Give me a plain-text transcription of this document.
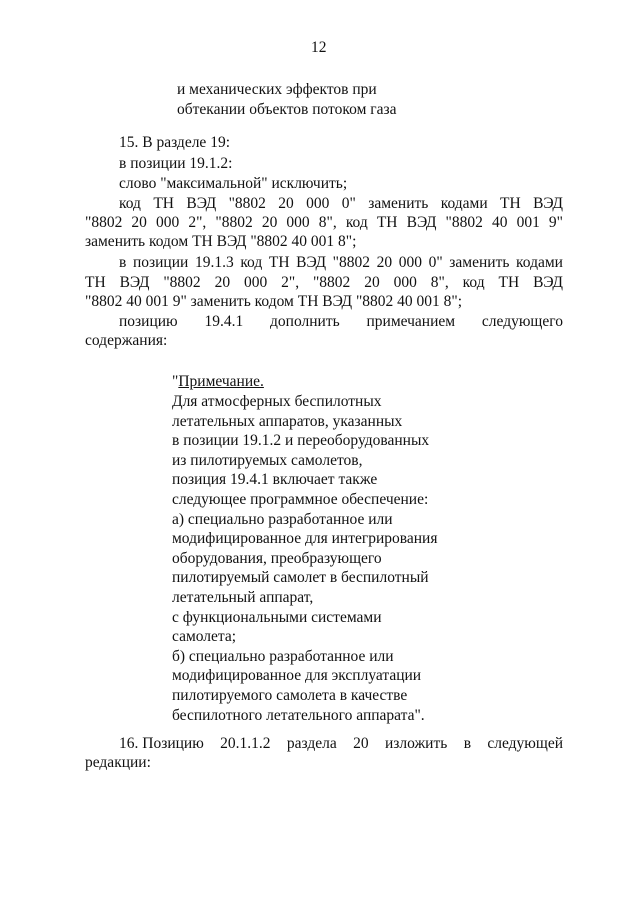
12
и механических эффектов при
обтекании объектов потоком газа
15. В разделе 19:
в позиции 19.1.2:
слово "максимальной" исключить;
код ТН ВЭД "8802 20 000 0" заменить кодами ТН ВЭД
"8802 20 000 2", "8802 20 000 8", код ТН ВЭД "8802 40 001 9"
заменить кодом ТН ВЭД "8802 40 001 8";
в позиции 19.1.3 код ТН ВЭД "8802 20 000 0" заменить кодами
ТН ВЭД "8802 20 000 2", "8802 20 000 8", код ТН ВЭД
"8802 40 001 9" заменить кодом ТН ВЭД "8802 40 001 8";
позицию 19.4.1 дополнить примечанием следующего
содержания:
"Примечание.
Для атмосферных беспилотных
летательных аппаратов, указанных
в позиции 19.1.2 и переоборудованных
из пилотируемых самолетов,
позиция 19.4.1 включает также
следующее программное обеспечение:
а) специально разработанное или
модифицированное для интегрирования
оборудования, преобразующего
пилотируемый самолет в беспилотный
летательный аппарат,
с функциональными системами
самолета;
б) специально разработанное или
модифицированное для эксплуатации
пилотируемого самолета в качестве
беспилотного летательного аппарата".
16. Позицию 20.1.1.2 раздела 20 изложить в следующей
редакции:
